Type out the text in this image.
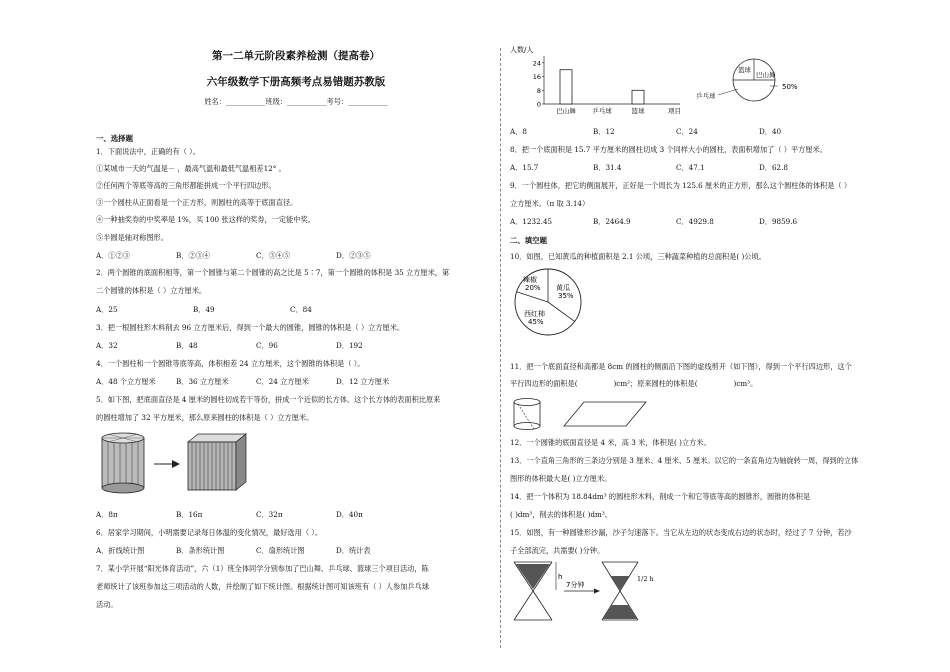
第一二单元阶段素养检测（提高卷）
六年级数学下册高频考点易错题苏教版
姓名：___________班级：___________考号：___________
一、选择题
1．下面说法中，正确的有（ ）。
①某城市一天的气温是－ ，最高气温和最低气温相差12° 。
②任何两个等底等高的三角形都能拼成一个平行四边形。
③一个圆柱从正面看是一个正方形，则圆柱的高等于底面直径。
④一种抽奖券的中奖率是 1%，买 100 张这样的奖券，一定能中奖。
⑤半圆是轴对称图形。
A．①②③	B．②③④	C．③④⑤	D．②③⑤
2．两个圆锥的底面积相等，第一个圆锥与第二个圆锥的高之比是 5∶7，第一个圆锥的体积是 35 立方厘米，第
二个圆锥的体积是（ ）立方厘米。
A．25	B．49	C．84
3．把一根圆柱形木料削去 96 立方厘米后，得到一个最大的圆锥，圆锥的体积是（ ）立方厘米。
A．32	B．48	C．96	D．192
4．一个圆柱和一个圆锥等底等高，体积相差 24 立方厘米，这个圆锥的体积是（ ）。
A．48 个立方厘米	B．36 立方厘米	C．24 立方厘米	D．12 立方厘米
5．如下图，把底面直径是 4 厘米的圆柱切成若干等份，拼成一个近似的长方体。这个长方体的表面积比原来
的圆柱增加了 32 平方厘米，那么原来圆柱的体积是（ ）立方厘米。
A．8π	B．16π	C．32π	D．40π
6．居家学习期间，小明需要记录每日体温的变化情况，最好选用（ ）。
A．折线统计图	B．条形统计图	C．扇形统计图	D．统计表
7．某小学开展“阳光体育活动”，六（1）班全体同学分别参加了巴山舞、乒乓球、篮球三个项目活动，陈
老师统计了该班参加这三项活动的人数，并绘制了如下统计图。根据统计图可知该班有（ ）人参加乒乓球
活动。
人数/人
0
8
16
24
巴山舞	乒乓球	篮球	项目
篮球
巴山舞
乒乓球
50%
A．8	B．12	C．24	D．40
8．把一个底面积是 15.7 平方厘米的圆柱切成 3 个同样大小的圆柱，表面积增加了（ ）平方厘米。
A．15.7	B．31.4	C．47.1	D．62.8
9．一个圆柱体，把它的侧面展开，正好是一个周长为 125.6 厘米的正方形，那么这个圆柱体的体积是（ ）
立方厘米。（π 取 3.14）
A．1232.45	B．2464.9	C．4929.8	D．9859.6
二、填空题
10．如图，已知黄瓜的种植面积是 2.1 公顷，三种蔬菜种植的总面积是( )公顷。
辣椒
20% 黄瓜
35%
西红柿
45%
11．把一个底面直径和高都是 8cm 的圆柱的侧面沿下图的虚线剪开（如下图），得到一个平行四边形，这个
平行四边形的面积是(	)cm²；原来圆柱的体积是(	)cm³。
12．一个圆锥的底面直径是 4 米，高 3 米，体积是( )立方米。
13．一个直角三角形的三条边分别是 3 厘米、4 厘米、5 厘米。以它的一条直角边为轴旋转一周，得到的立体
图形的体积最大是( )立方厘米。
14．把一个体积为 18.84dm³ 的圆柱形木料，削成一个和它等底等高的圆锥形，圆锥的体积是
( )dm³，削去的体积是( )dm³。
15．如图，有一种圆锥形沙漏，沙子匀速落下。当它从左边的状态变成右边的状态时，经过了 7 分钟，若沙
子全部流完，共需要( )分钟。
h
7分钟
1/2 h
